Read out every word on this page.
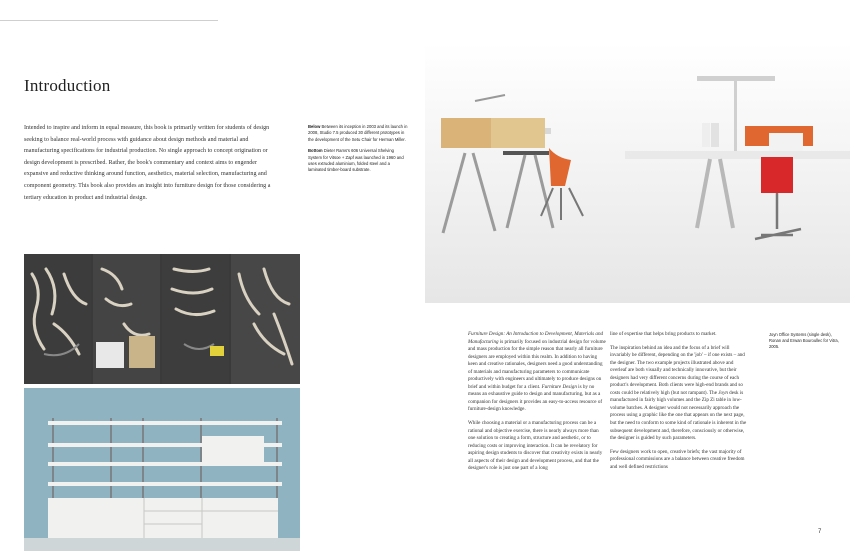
Introduction
Intended to inspire and inform in equal measure, this book is primarily written for students of design seeking to balance real-world process with guidance about design methods and material and manufacturing specifications for industrial production. No single approach to concept origination or design development is prescribed. Rather, the book's commentary and context aims to engender expansive and reductive thinking around function, aesthetics, material selection, manufacturing and component geometry. This book also provides an insight into furniture design for those considering a tertiary education in product and industrial design.

Below Between its inception in 2003 and its launch in 2008, Studio 7.5 produced 30 different prototypes in the development of the Setu Chair for Herman Miller.

Bottom Dieter Rams's 606 Universal Shelving System for Vitsoe + Zapf was launched in 1960 and uses extruded aluminium, folded steel and a laminated timber-board substrate.

Furniture Design: An Introduction to Development, Materials and Manufacturing is primarily focused on industrial design for volume and mass production for the simple reason that nearly all furniture designers are employed within this realm. In addition to having keen and creative rationales, designers need a good understanding of materials and manufacturing parameters to communicate productively with engineers and ultimately to produce designs on brief and within budget for a client. Furniture Design is by no means an exhaustive guide to design and manufacturing, but as a companion for designers it provides an easy-to-access resource of furniture-design knowledge.

While choosing a material or a manufacturing process can be a rational and objective exercise, there is nearly always more than one solution to creating a form, structure and aesthetic, or to reducing costs or improving interaction. It can be revelatory for aspiring design students to discover that creativity exists in nearly all aspects of their design and development process, and that the designer's role is just one part of a long

line of expertise that helps bring products to market.

The inspiration behind an idea and the focus of a brief will invariably be different, depending on the 'job' – if one exists – and the designer. The two example projects illustrated above and overleaf are both visually and technically innovative, but their designers had very different concerns during the course of each product's development. Both clients were high-end brands and so costs could be relatively high (but not rampant). The Joyn desk is manufactured in fairly high volumes and the Zip Zi table in low-volume batches. A designer would not necessarily approach the process using a graphic like the one that appears on the next page, but the need to conform to some kind of rationale is inherent in the subsequent development and, therefore, consciously or otherwise, the designer is guided by such parameters.

Few designers work to open, creative briefs; the vast majority of professional commissions are a balance between creative freedom and well defined restrictions

Joyn Office Systems (single desk), Ronan and Erwan Bouroullec for Vitra, 2005.
7
